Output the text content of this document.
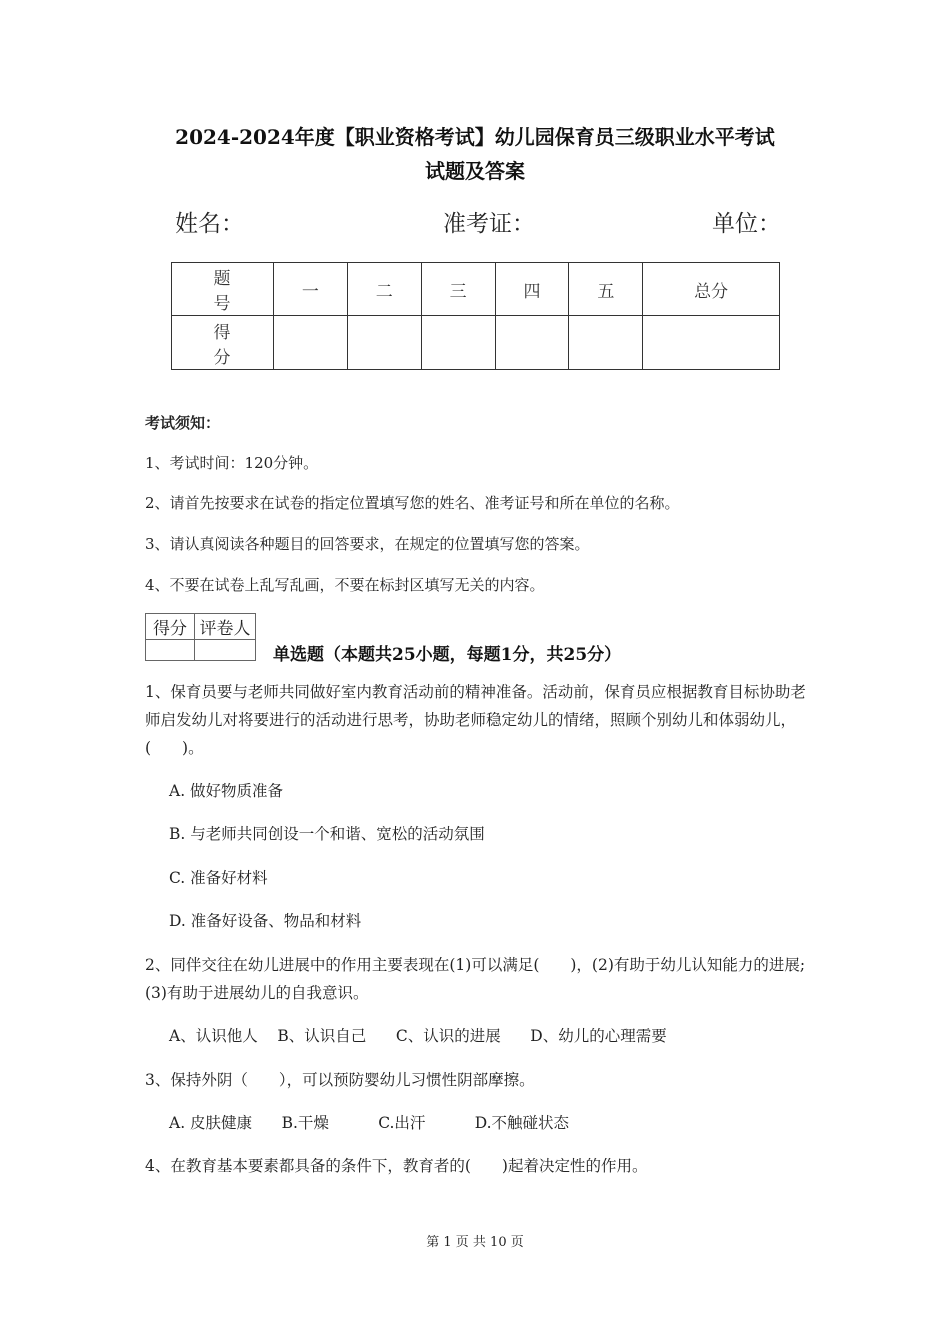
2024-2024年度【职业资格考试】幼儿园保育员三级职业水平考试
试题及答案
姓名：	准考证：	单位：
题　号	一	二	三	四	五	总分
得　分						
考试须知：
1、考试时间：120分钟。
2、请首先按要求在试卷的指定位置填写您的姓名、准考证号和所在单位的名称。
3、请认真阅读各种题目的回答要求，在规定的位置填写您的答案。
4、不要在试卷上乱写乱画，不要在标封区填写无关的内容。
得分	评卷人

单选题（本题共25小题，每题1分，共25分）
1、保育员要与老师共同做好室内教育活动前的精神准备。活动前，保育员应根据教育目标协助老师启发幼儿对将要进行的活动进行思考，协助老师稳定幼儿的情绪，照顾个别幼儿和体弱幼儿，(　　)。
A. 做好物质准备
B. 与老师共同创设一个和谐、宽松的活动氛围
C. 准备好材料
D. 准备好设备、物品和材料
2、同伴交往在幼儿进展中的作用主要表现在(1)可以满足(　　)，(2)有助于幼儿认知能力的进展;(3)有助于进展幼儿的自我意识。
A、认识他人    B、认识自己      C、认识的进展      D、幼儿的心理需要
3、保持外阴（　　），可以预防婴幼儿习惯性阴部摩擦。
A. 皮肤健康      B.干燥          C.出汗          D.不触碰状态
4、在教育基本要素都具备的条件下，教育者的(　　)起着决定性的作用。
第 1 页 共 10 页
